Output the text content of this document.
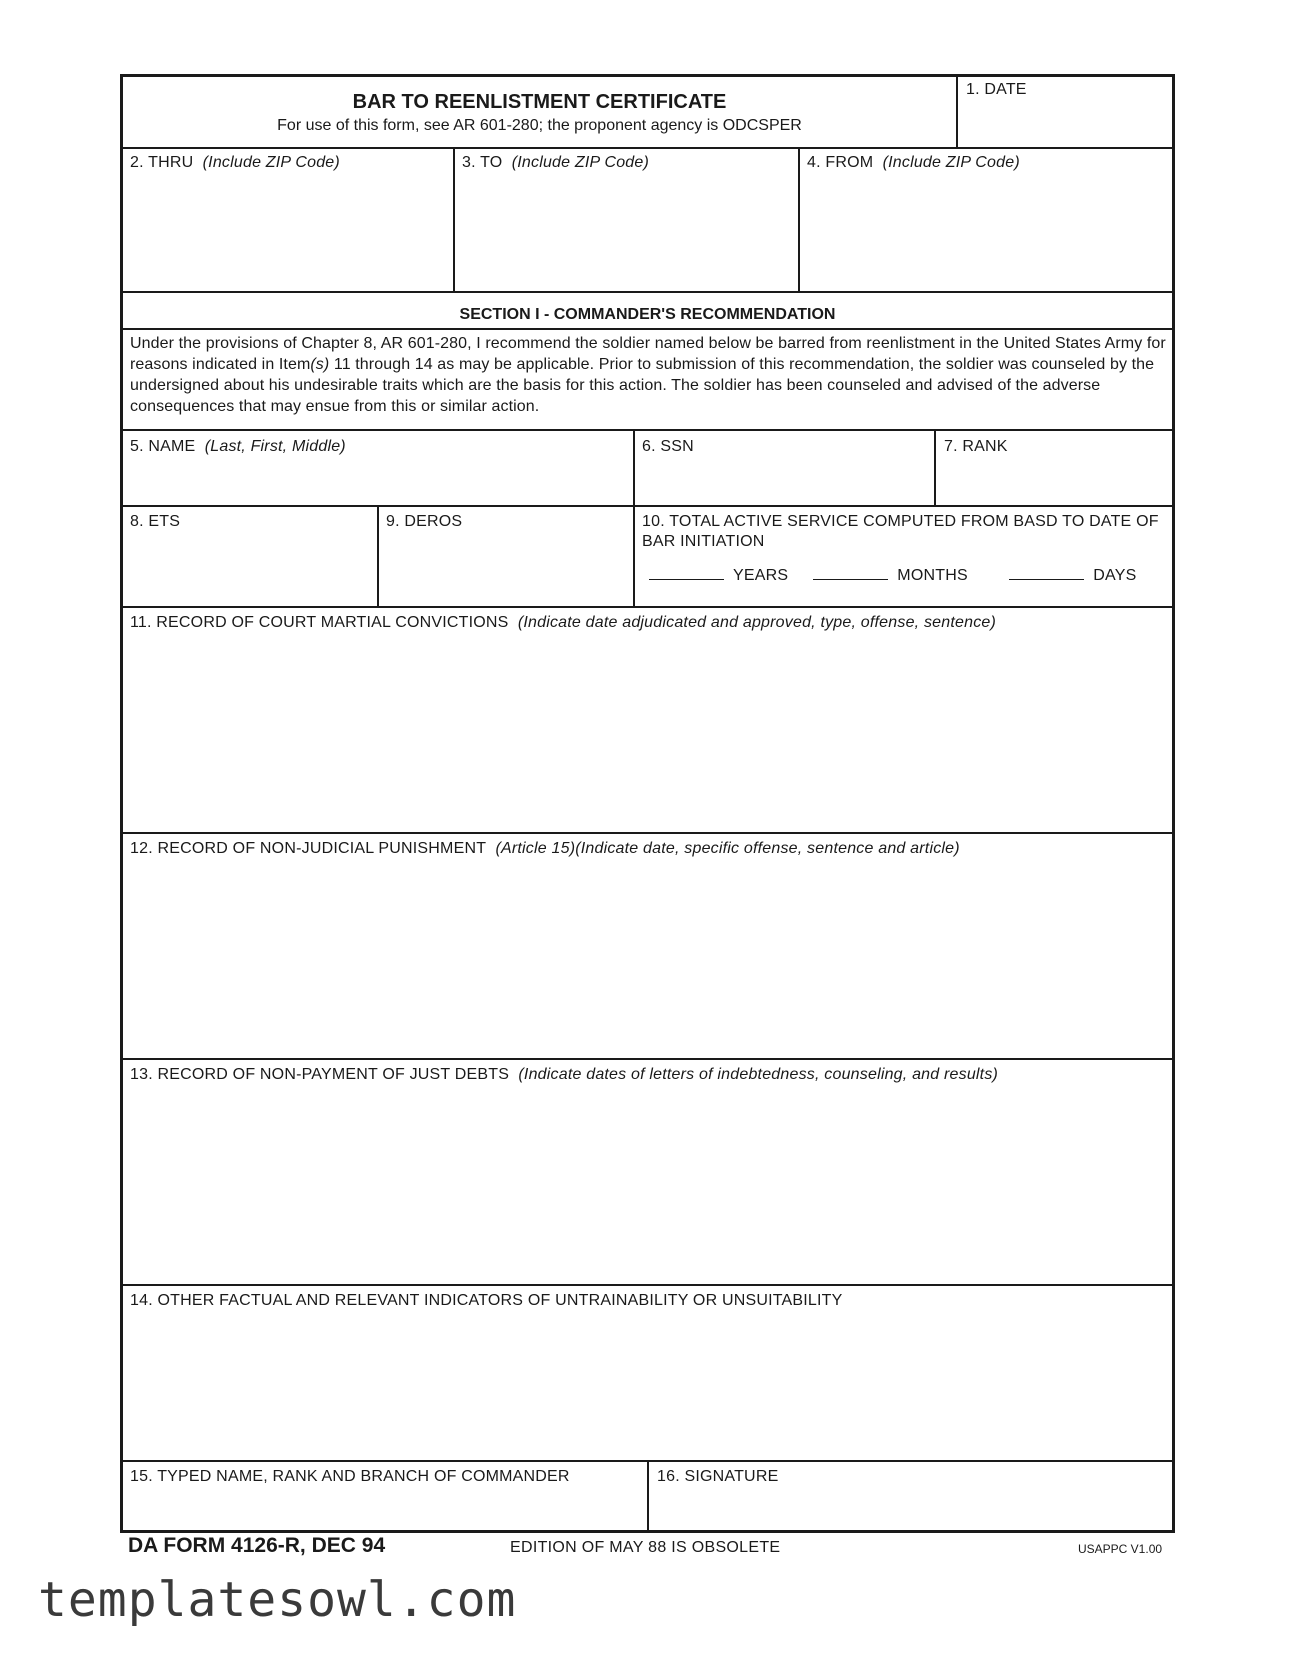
BAR TO REENLISTMENT CERTIFICATE
For use of this form, see AR 601-280; the proponent agency is ODCSPER
1. DATE
2. THRU (Include ZIP Code)	3. TO (Include ZIP Code)	4. FROM (Include ZIP Code)
SECTION I - COMMANDER'S RECOMMENDATION
Under the provisions of Chapter 8, AR 601-280, I recommend the soldier named below be barred from reenlistment in the United States Army for reasons indicated in Item(s) 11 through 14 as may be applicable. Prior to submission of this recommendation, the soldier was counseled by the undersigned about his undesirable traits which are the basis for this action. The soldier has been counseled and advised of the adverse consequences that may ensue from this or similar action.
5. NAME (Last, First, Middle)	6. SSN	7. RANK
8. ETS	9. DEROS	10. TOTAL ACTIVE SERVICE COMPUTED FROM BASD TO DATE OF BAR INITIATION
YEARS	MONTHS	DAYS
11. RECORD OF COURT MARTIAL CONVICTIONS (Indicate date adjudicated and approved, type, offense, sentence)
12. RECORD OF NON-JUDICIAL PUNISHMENT (Article 15)(Indicate date, specific offense, sentence and article)
13. RECORD OF NON-PAYMENT OF JUST DEBTS (Indicate dates of letters of indebtedness, counseling, and results)
14. OTHER FACTUAL AND RELEVANT INDICATORS OF UNTRAINABILITY OR UNSUITABILITY
15. TYPED NAME, RANK AND BRANCH OF COMMANDER	16. SIGNATURE
DA FORM 4126-R, DEC 94	EDITION OF MAY 88 IS OBSOLETE	USAPPC V1.00
templatesowl.com
